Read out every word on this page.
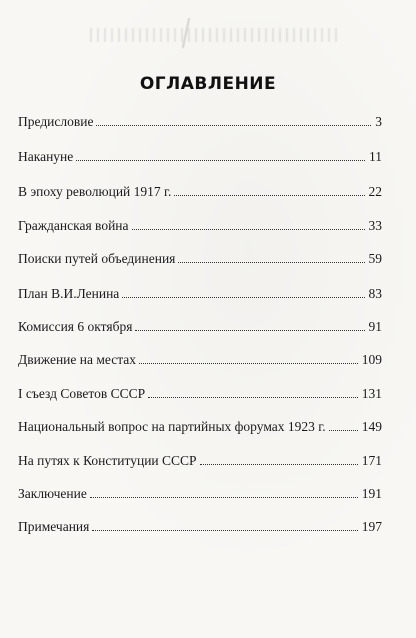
ОГЛАВЛЕНИЕ
Предисловие	3
Накануне	11
В эпоху революций 1917 г.	22
Гражданская война	33
Поиски путей объединения	59
План В.И.Ленина	83
Комиссия 6 октября	91
Движение на местах	109
I съезд Советов СССР	131
Национальный вопрос на партийных форумах 1923 г.	149
На путях к Конституции СССР	171
Заключение	191
Примечания	197
